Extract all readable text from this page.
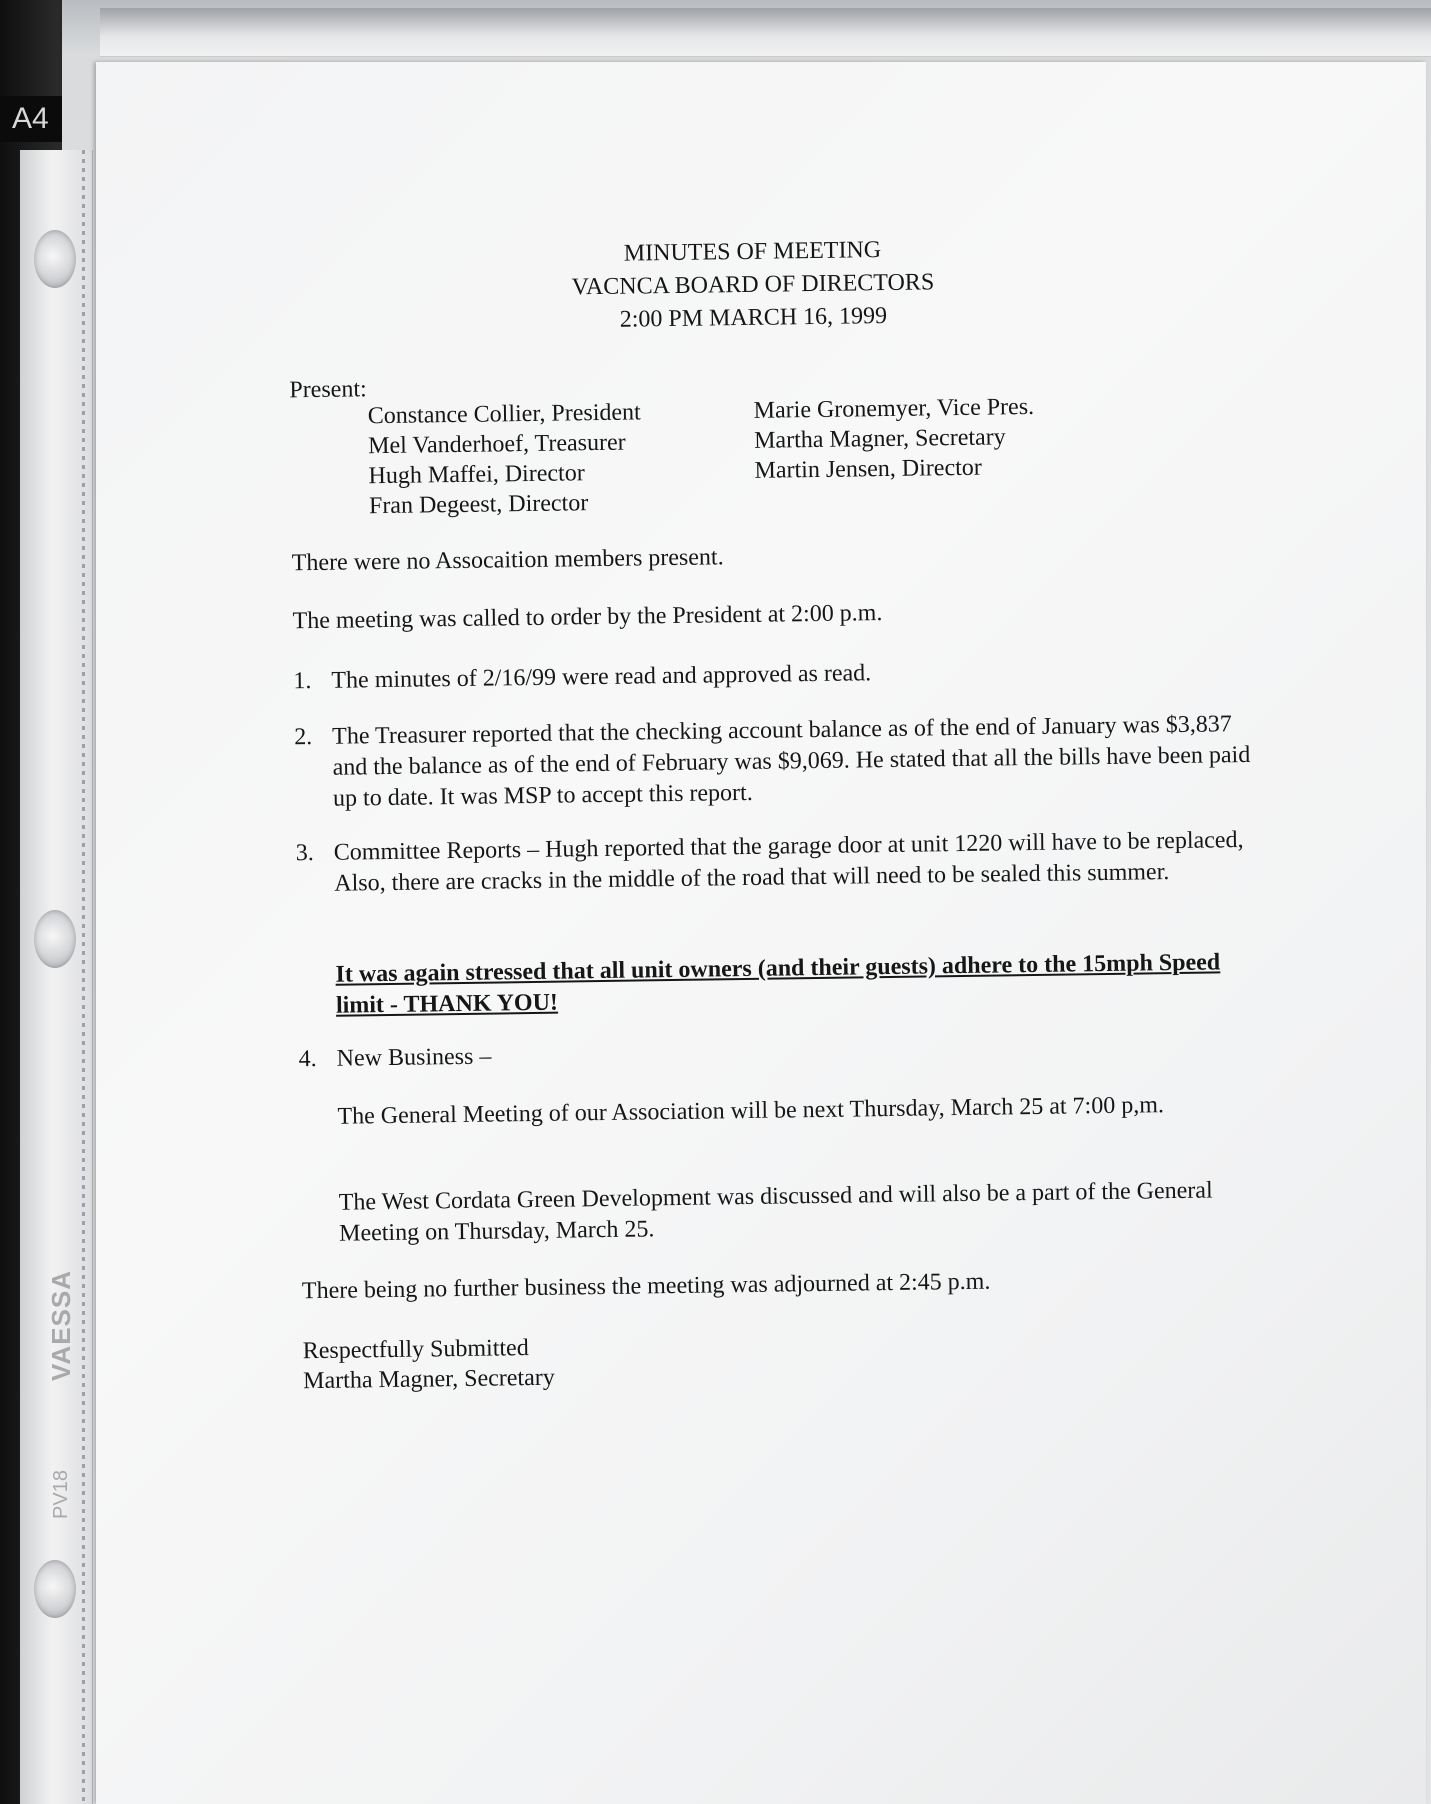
A4
VAESSA
PV18
MINUTES OF MEETING
VACNCA BOARD OF DIRECTORS
2:00 PM MARCH 16, 1999
Present:
Constance Collier, President
Mel Vanderhoef, Treasurer
Hugh Maffei, Director
Fran Degeest, Director
Marie Gronemyer, Vice Pres.
Martha Magner, Secretary
Martin Jensen, Director
There were no Assocaition members present.
The meeting was called to order by the President at 2:00 p.m.
1. The minutes of 2/16/99 were read and approved as read.
2. The Treasurer reported that the checking account balance as of the end of January was $3,837 and the balance as of the end of February was $9,069. He stated that all the bills have been paid up to date. It was MSP to accept this report.
3. Committee Reports – Hugh reported that the garage door at unit 1220 will have to be replaced, Also, there are cracks in the middle of the road that will need to be sealed this summer.
It was again stressed that all unit owners (and their guests) adhere to the 15mph Speed limit - THANK YOU!
4. New Business –
The General Meeting of our Association will be next Thursday, March 25 at 7:00 p,m.
The West Cordata Green Development was discussed and will also be a part of the General Meeting on Thursday, March 25.
There being no further business the meeting was adjourned at 2:45 p.m.
Respectfully Submitted
Martha Magner, Secretary
